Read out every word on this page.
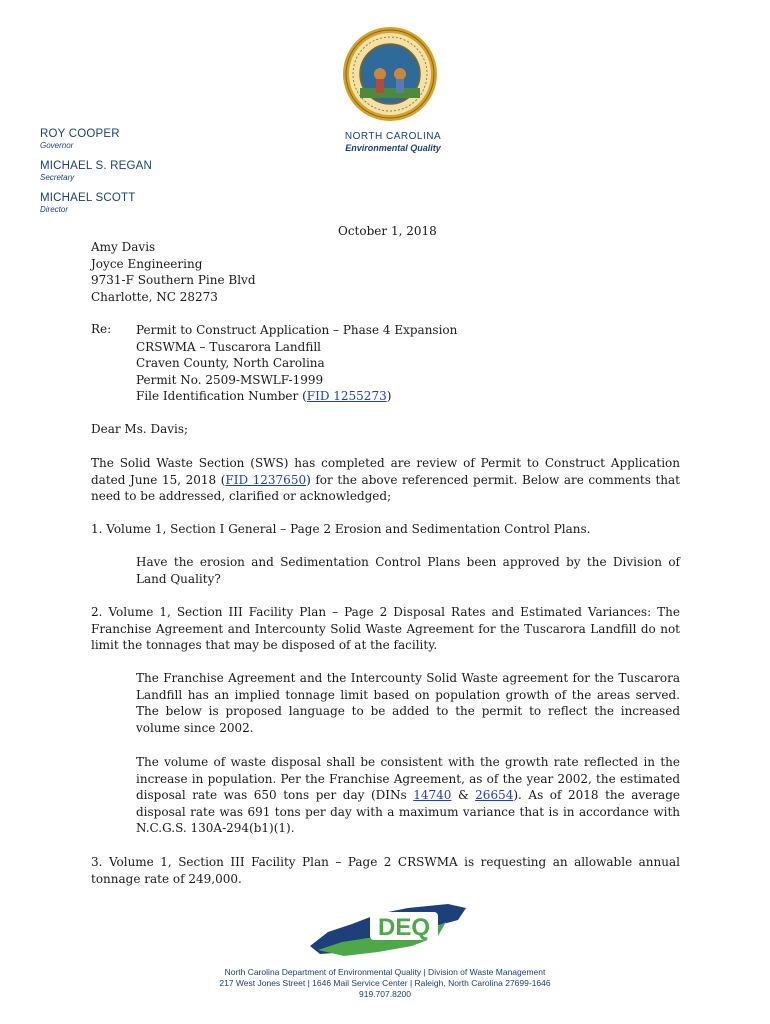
NORTH CAROLINA
Environmental Quality
ROY COOPER
Governor
MICHAEL S. REGAN
Secretary
MICHAEL SCOTT
Director
October 1, 2018
Amy Davis
Joyce Engineering
9731-F Southern Pine Blvd
Charlotte, NC 28273
Re: Permit to Construct Application – Phase 4 Expansion
CRSWMA – Tuscarora Landfill
Craven County, North Carolina
Permit No. 2509-MSWLF-1999
File Identification Number (FID 1255273)
Dear Ms. Davis;
The Solid Waste Section (SWS) has completed are review of Permit to Construct Application dated June 15, 2018 (FID 1237650) for the above referenced permit. Below are comments that need to be addressed, clarified or acknowledged;
1. Volume 1, Section I General – Page 2 Erosion and Sedimentation Control Plans.
Have the erosion and Sedimentation Control Plans been approved by the Division of Land Quality?
2. Volume 1, Section III Facility Plan – Page 2 Disposal Rates and Estimated Variances: The Franchise Agreement and Intercounty Solid Waste Agreement for the Tuscarora Landfill do not limit the tonnages that may be disposed of at the facility.
The Franchise Agreement and the Intercounty Solid Waste agreement for the Tuscarora Landfill has an implied tonnage limit based on population growth of the areas served. The below is proposed language to be added to the permit to reflect the increased volume since 2002.
The volume of waste disposal shall be consistent with the growth rate reflected in the increase in population. Per the Franchise Agreement, as of the year 2002, the estimated disposal rate was 650 tons per day (DINs 14740 & 26654). As of 2018 the average disposal rate was 691 tons per day with a maximum variance that is in accordance with N.C.G.S. 130A-294(b1)(1).
3. Volume 1, Section III Facility Plan – Page 2 CRSWMA is requesting an allowable annual tonnage rate of 249,000.
DEQ
North Carolina Department of Environmental Quality | Division of Waste Management
217 West Jones Street | 1646 Mail Service Center | Raleigh, North Carolina 27699-1646
919.707.8200
